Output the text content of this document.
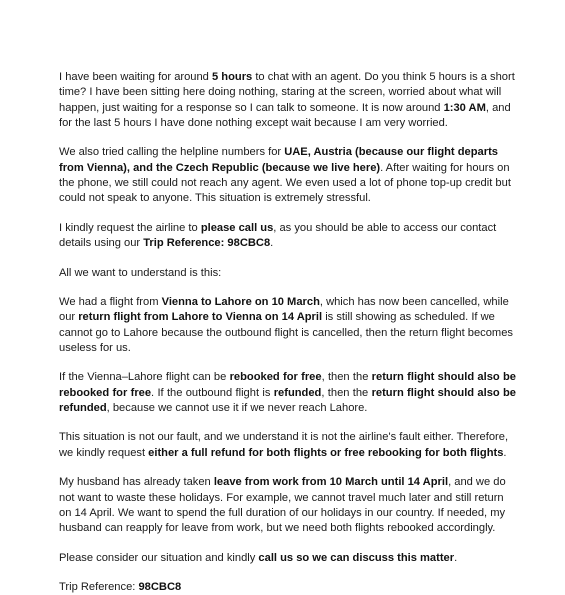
I have been waiting for around 5 hours to chat with an agent. Do you think 5 hours is a short time? I have been sitting here doing nothing, staring at the screen, worried about what will happen, just waiting for a response so I can talk to someone. It is now around 1:30 AM, and for the last 5 hours I have done nothing except wait because I am very worried.

We also tried calling the helpline numbers for UAE, Austria (because our flight departs from Vienna), and the Czech Republic (because we live here). After waiting for hours on the phone, we still could not reach any agent. We even used a lot of phone top-up credit but could not speak to anyone. This situation is extremely stressful.

I kindly request the airline to please call us, as you should be able to access our contact details using our Trip Reference: 98CBC8.

All we want to understand is this:

We had a flight from Vienna to Lahore on 10 March, which has now been cancelled, while our return flight from Lahore to Vienna on 14 April is still showing as scheduled. If we cannot go to Lahore because the outbound flight is cancelled, then the return flight becomes useless for us.

If the Vienna–Lahore flight can be rebooked for free, then the return flight should also be rebooked for free. If the outbound flight is refunded, then the return flight should also be refunded, because we cannot use it if we never reach Lahore.

This situation is not our fault, and we understand it is not the airline's fault either. Therefore, we kindly request either a full refund for both flights or free rebooking for both flights.

My husband has already taken leave from work from 10 March until 14 April, and we do not want to waste these holidays. For example, we cannot travel much later and still return on 14 April. We want to spend the full duration of our holidays in our country. If needed, my husband can reapply for leave from work, but we need both flights rebooked accordingly.

Please consider our situation and kindly call us so we can discuss this matter.

Trip Reference: 98CBC8
